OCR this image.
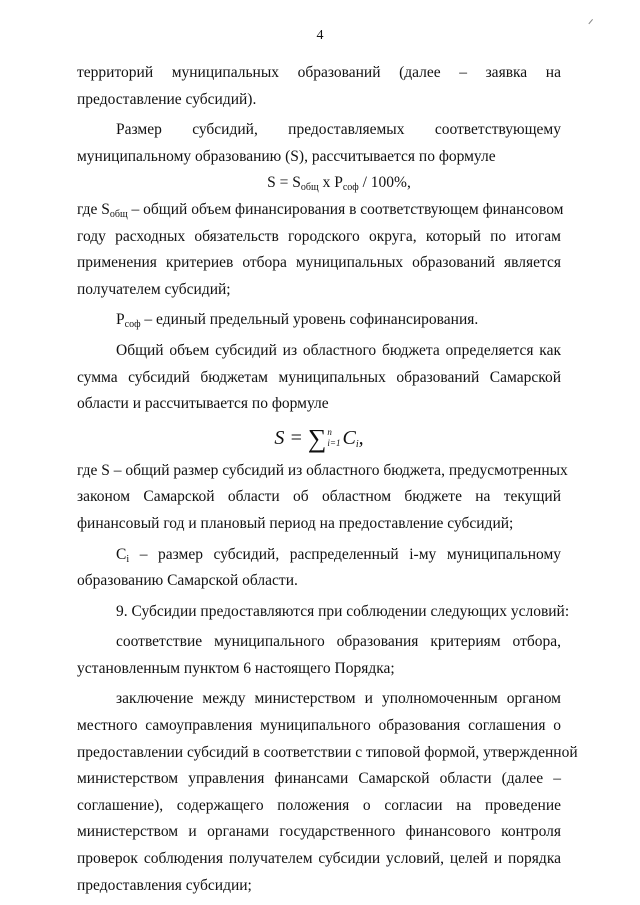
4
территорий муниципальных образований (далее – заявка на
предоставление субсидий).
Размер субсидий, предоставляемых соответствующему
муниципальному образованию (S), рассчитывается по формуле
$S = S_{общ}$ x $P_{соф} / 100\%$,
где $S_{общ}$ – общий объем финансирования в соответствующем финансовом
году расходных обязательств городского округа, который по итогам
применения критериев отбора муниципальных образований является
получателем субсидий;
$P_{соф}$ – единый предельный уровень софинансирования.
Общий объем субсидий из областного бюджета определяется как
сумма субсидий бюджетам муниципальных образований Самарской
области и рассчитывается по формуле
S = ∑ n
i=1 $C_i$,
где S – общий размер субсидий из областного бюджета, предусмотренных
законом Самарской области об областном бюджете на текущий
финансовый год и плановый период на предоставление субсидий;
$C_i$ – размер субсидий, распределенный i-му муниципальному
образованию Самарской области.
9. Субсидии предоставляются при соблюдении следующих условий:
соответствие муниципального образования критериям отбора,
установленным пунктом 6 настоящего Порядка;
заключение между министерством и уполномоченным органом
местного самоуправления муниципального образования соглашения о
предоставлении субсидий в соответствии с типовой формой, утвержденной
министерством управления финансами Самарской области (далее –
соглашение), содержащего положения о согласии на проведение
министерством и органами государственного финансового контроля
проверок соблюдения получателем субсидии условий, целей и порядка
предоставления субсидии;
